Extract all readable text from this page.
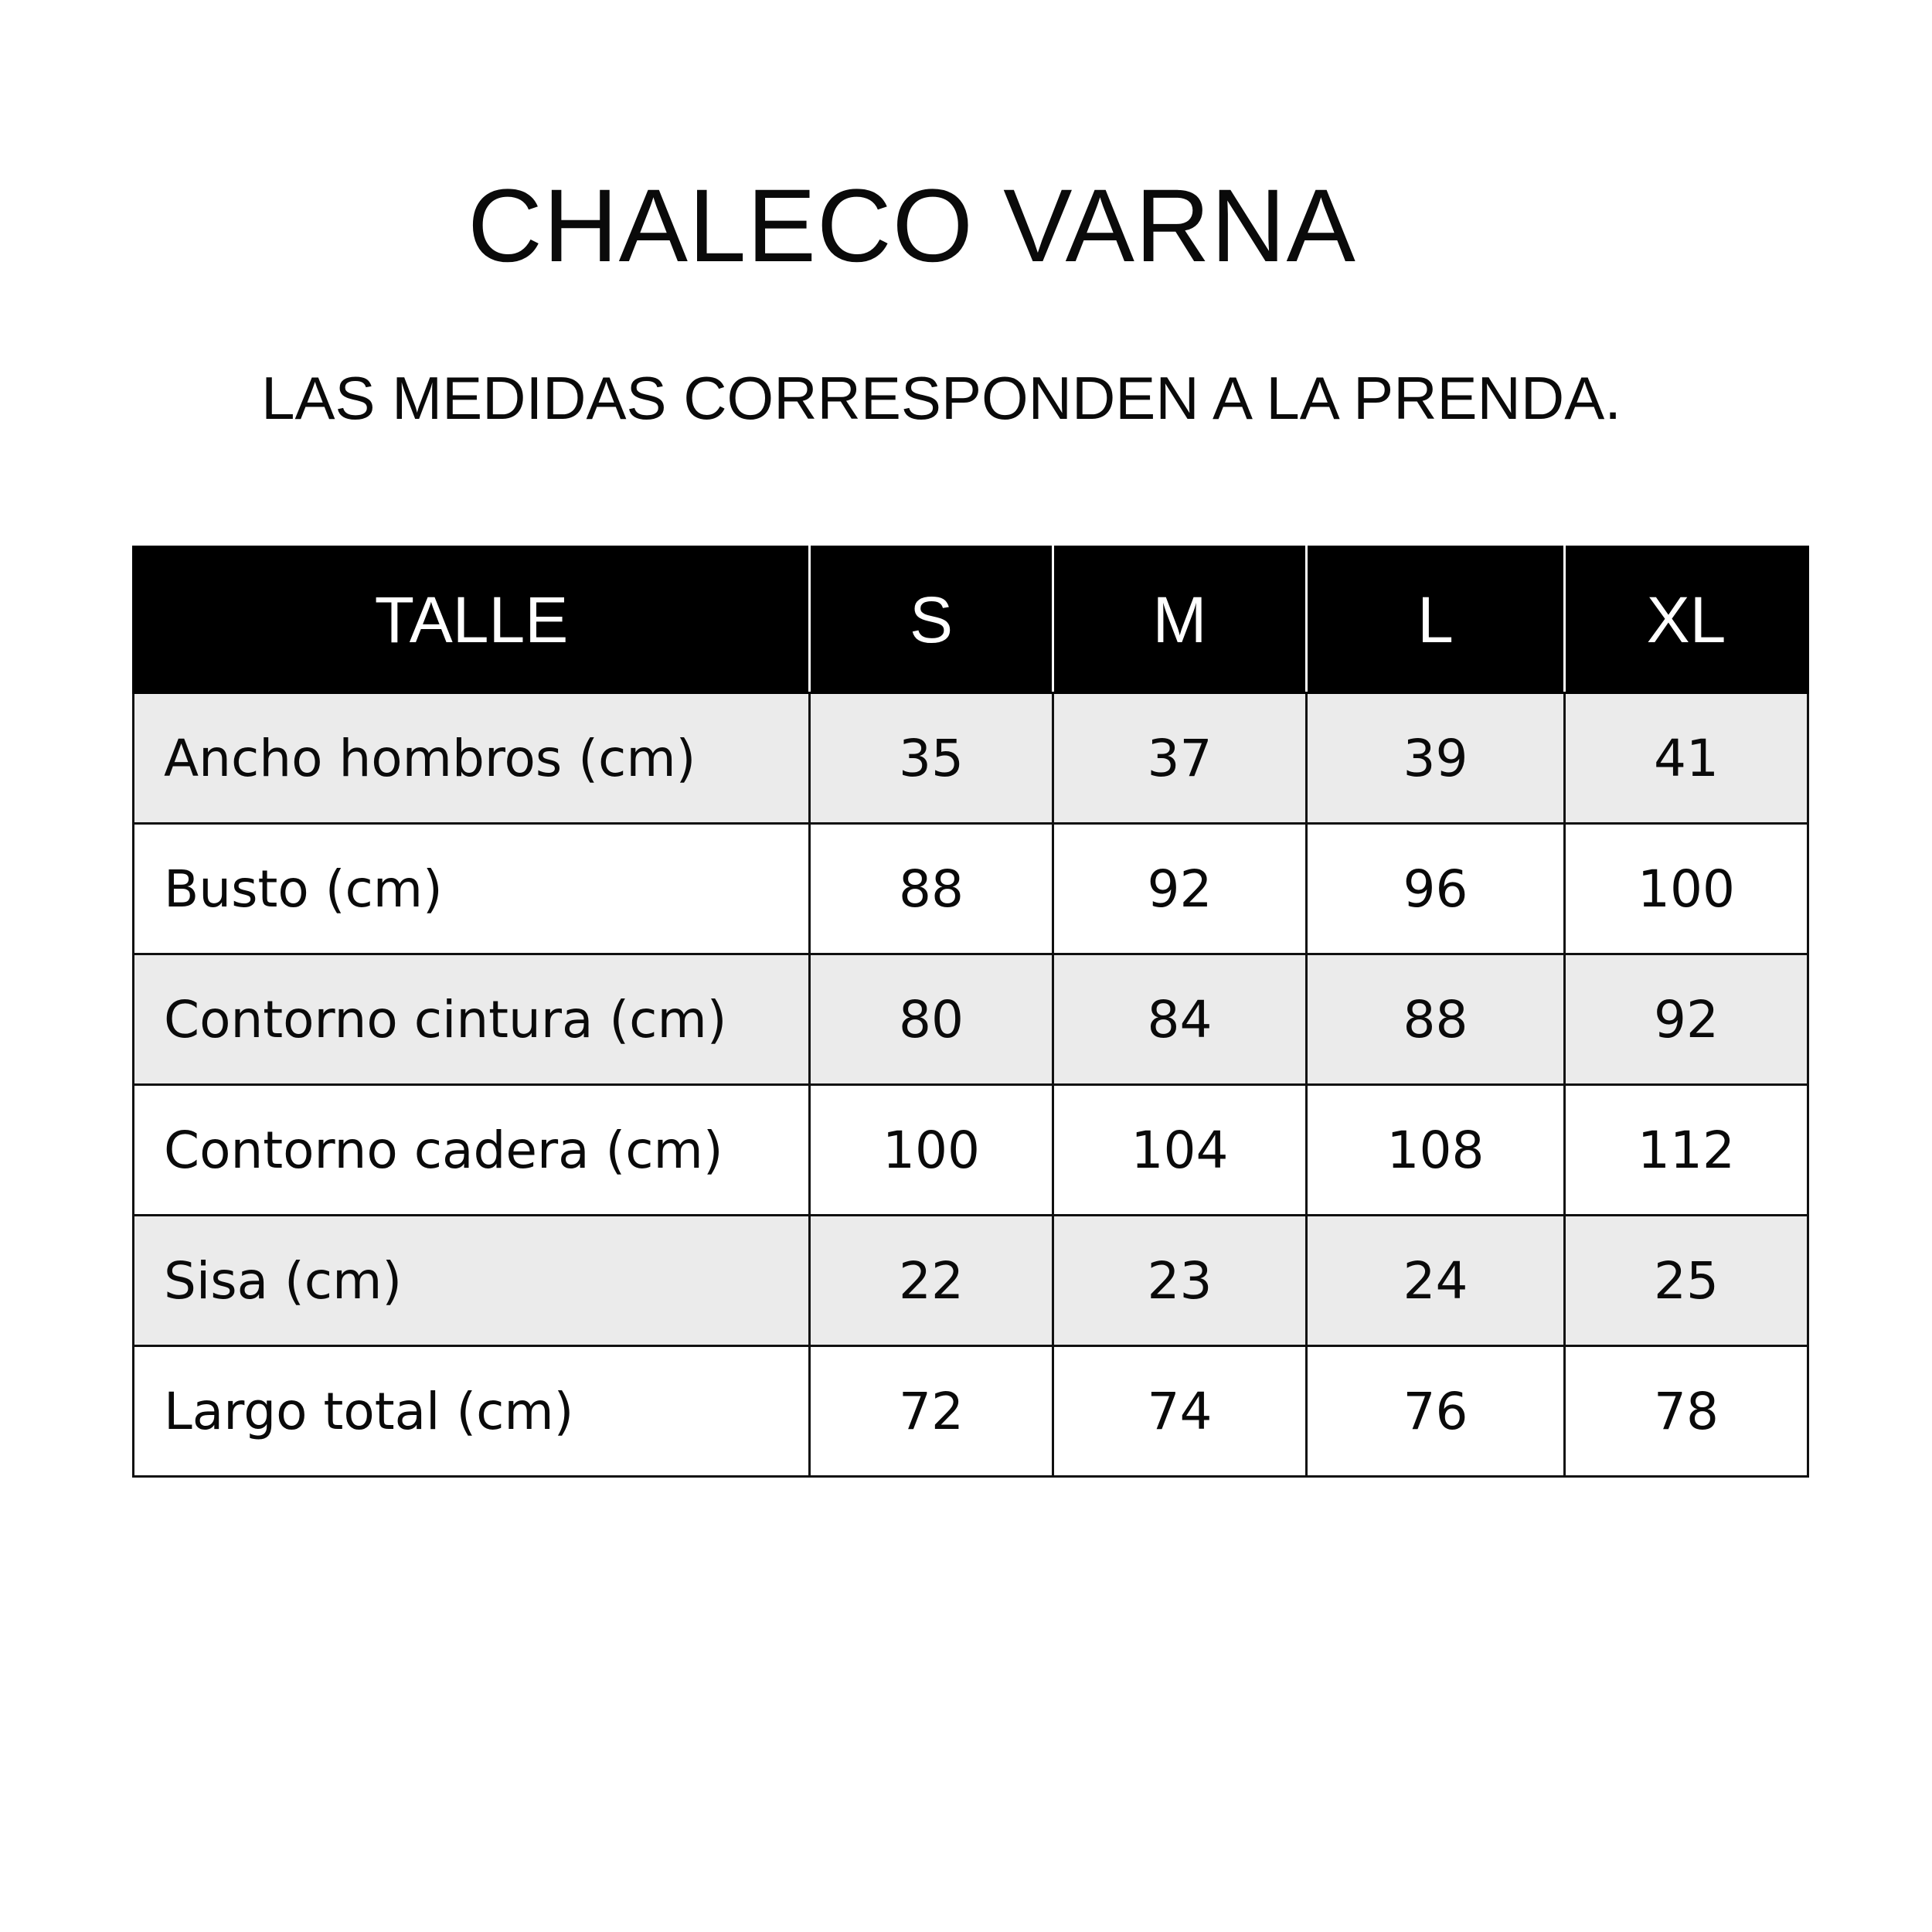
CHALECO VARNA
LAS MEDIDAS CORRESPONDEN A LA PRENDA.
TALLE	S	M	L	XL
Ancho hombros (cm)	35	37	39	41
Busto (cm)	88	92	96	100
Contorno cintura (cm)	80	84	88	92
Contorno cadera (cm)	100	104	108	112
Sisa (cm)	22	23	24	25
Largo total (cm)	72	74	76	78
